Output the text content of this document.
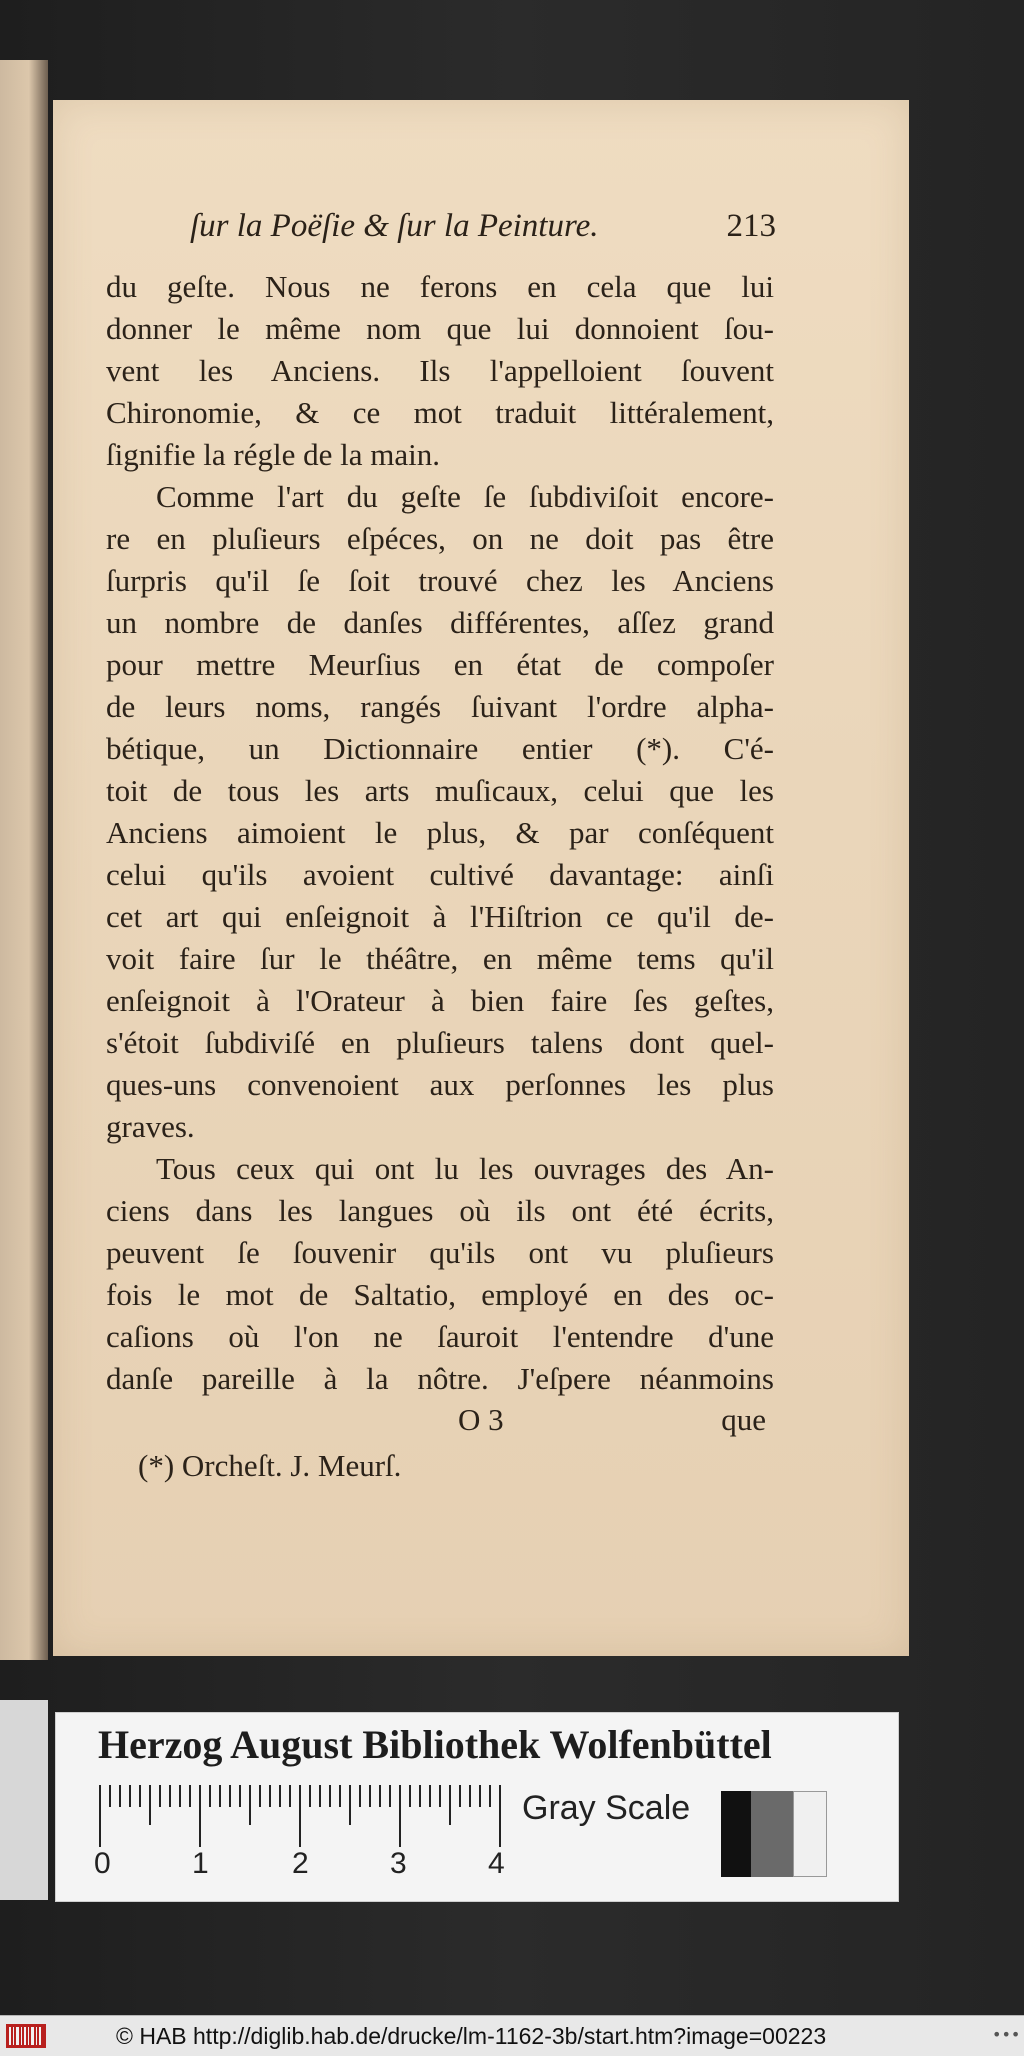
ſur la Poëſie & ſur la Peinture.	213
du geſte. Nous ne ferons en cela que lui
donner le même nom que lui donnoient ſou-
vent les Anciens. Ils l'appelloient ſouvent
Chironomie, & ce mot traduit littéralement,
ſignifie la régle de la main.
Comme l'art du geſte ſe ſubdiviſoit encore-
re en pluſieurs eſpéces, on ne doit pas être
ſurpris qu'il ſe ſoit trouvé chez les Anciens
un nombre de danſes différentes, aſſez grand
pour mettre Meurſius en état de compoſer
de leurs noms, rangés ſuivant l'ordre alpha-
bétique, un Dictionnaire entier (*). C'é-
toit de tous les arts muſicaux, celui que les
Anciens aimoient le plus, & par conſéquent
celui qu'ils avoient cultivé davantage: ainſi
cet art qui enſeignoit à l'Hiſtrion ce qu'il de-
voit faire ſur le théâtre, en même tems qu'il
enſeignoit à l'Orateur à bien faire ſes geſtes,
s'étoit ſubdiviſé en pluſieurs talens dont quel-
ques-uns convenoient aux perſonnes les plus
graves.
Tous ceux qui ont lu les ouvrages des An-
ciens dans les langues où ils ont été écrits,
peuvent ſe ſouvenir qu'ils ont vu pluſieurs
fois le mot de Saltatio, employé en des oc-
caſions où l'on ne ſauroit l'entendre d'une
danſe pareille à la nôtre. J'eſpere néanmoins
O 3	que
(*) Orcheſt. J. Meurſ.
Herzog August Bibliothek Wolfenbüttel
0	1	2	3	4
Gray Scale
© HAB http://diglib.hab.de/drucke/lm-1162-3b/start.htm?image=00223	•••
